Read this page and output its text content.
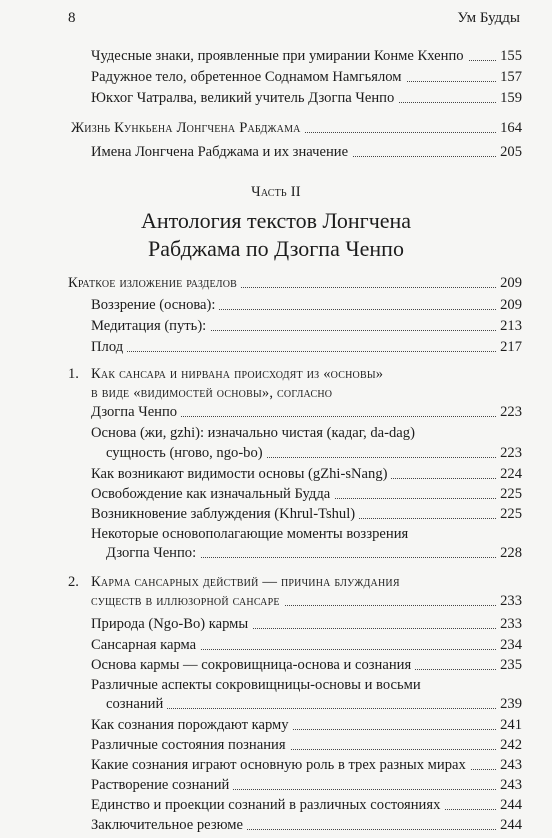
8	Ум Будды
Чудесные знаки, проявленные при умирании Конме Кхенпо	155
Радужное тело, обретенное Соднамом Намгьялом	157
Юкхог Чатралва, великий учитель Дзогпа Ченпо	159
Жизнь Кункьена Лонгчена Рабджама	164
Имена Лонгчена Рабджама и их значение	205
Часть II
Антология текстов Лонгчена
Рабджама по Дзогпа Ченпо
Краткое изложение разделов	209
Воззрение (основа):	209
Медитация (путь):	213
Плод	217
1. Как сансара и нирвана происходят из «основы»
в виде «видимостей основы», согласно
Дзогпа Ченпо	223
Основа (жи, gzhi): изначально чистая (кадаг, da-dag)
сущность (нгово, ngo-bo)	223
Как возникают видимости основы (gZhi-sNang)	224
Освобождение как изначальный Будда	225
Возникновение заблуждения (Khrul-Tshul)	225
Некоторые основополагающие моменты воззрения
Дзогпа Ченпо:	228
2. Карма сансарных действий — причина блуждания
существ в иллюзорной сансаре	233
Природа (Ngo-Bo) кармы	233
Сансарная карма	234
Основа кармы — сокровищница-основа и сознания	235
Различные аспекты сокровищницы-основы и восьми
сознаний	239
Как сознания порождают карму	241
Различные состояния познания	242
Какие сознания играют основную роль в трех разных мирах 243
Растворение сознаний	243
Единство и проекции сознаний в различных состояниях	244
Заключительное резюме	244
